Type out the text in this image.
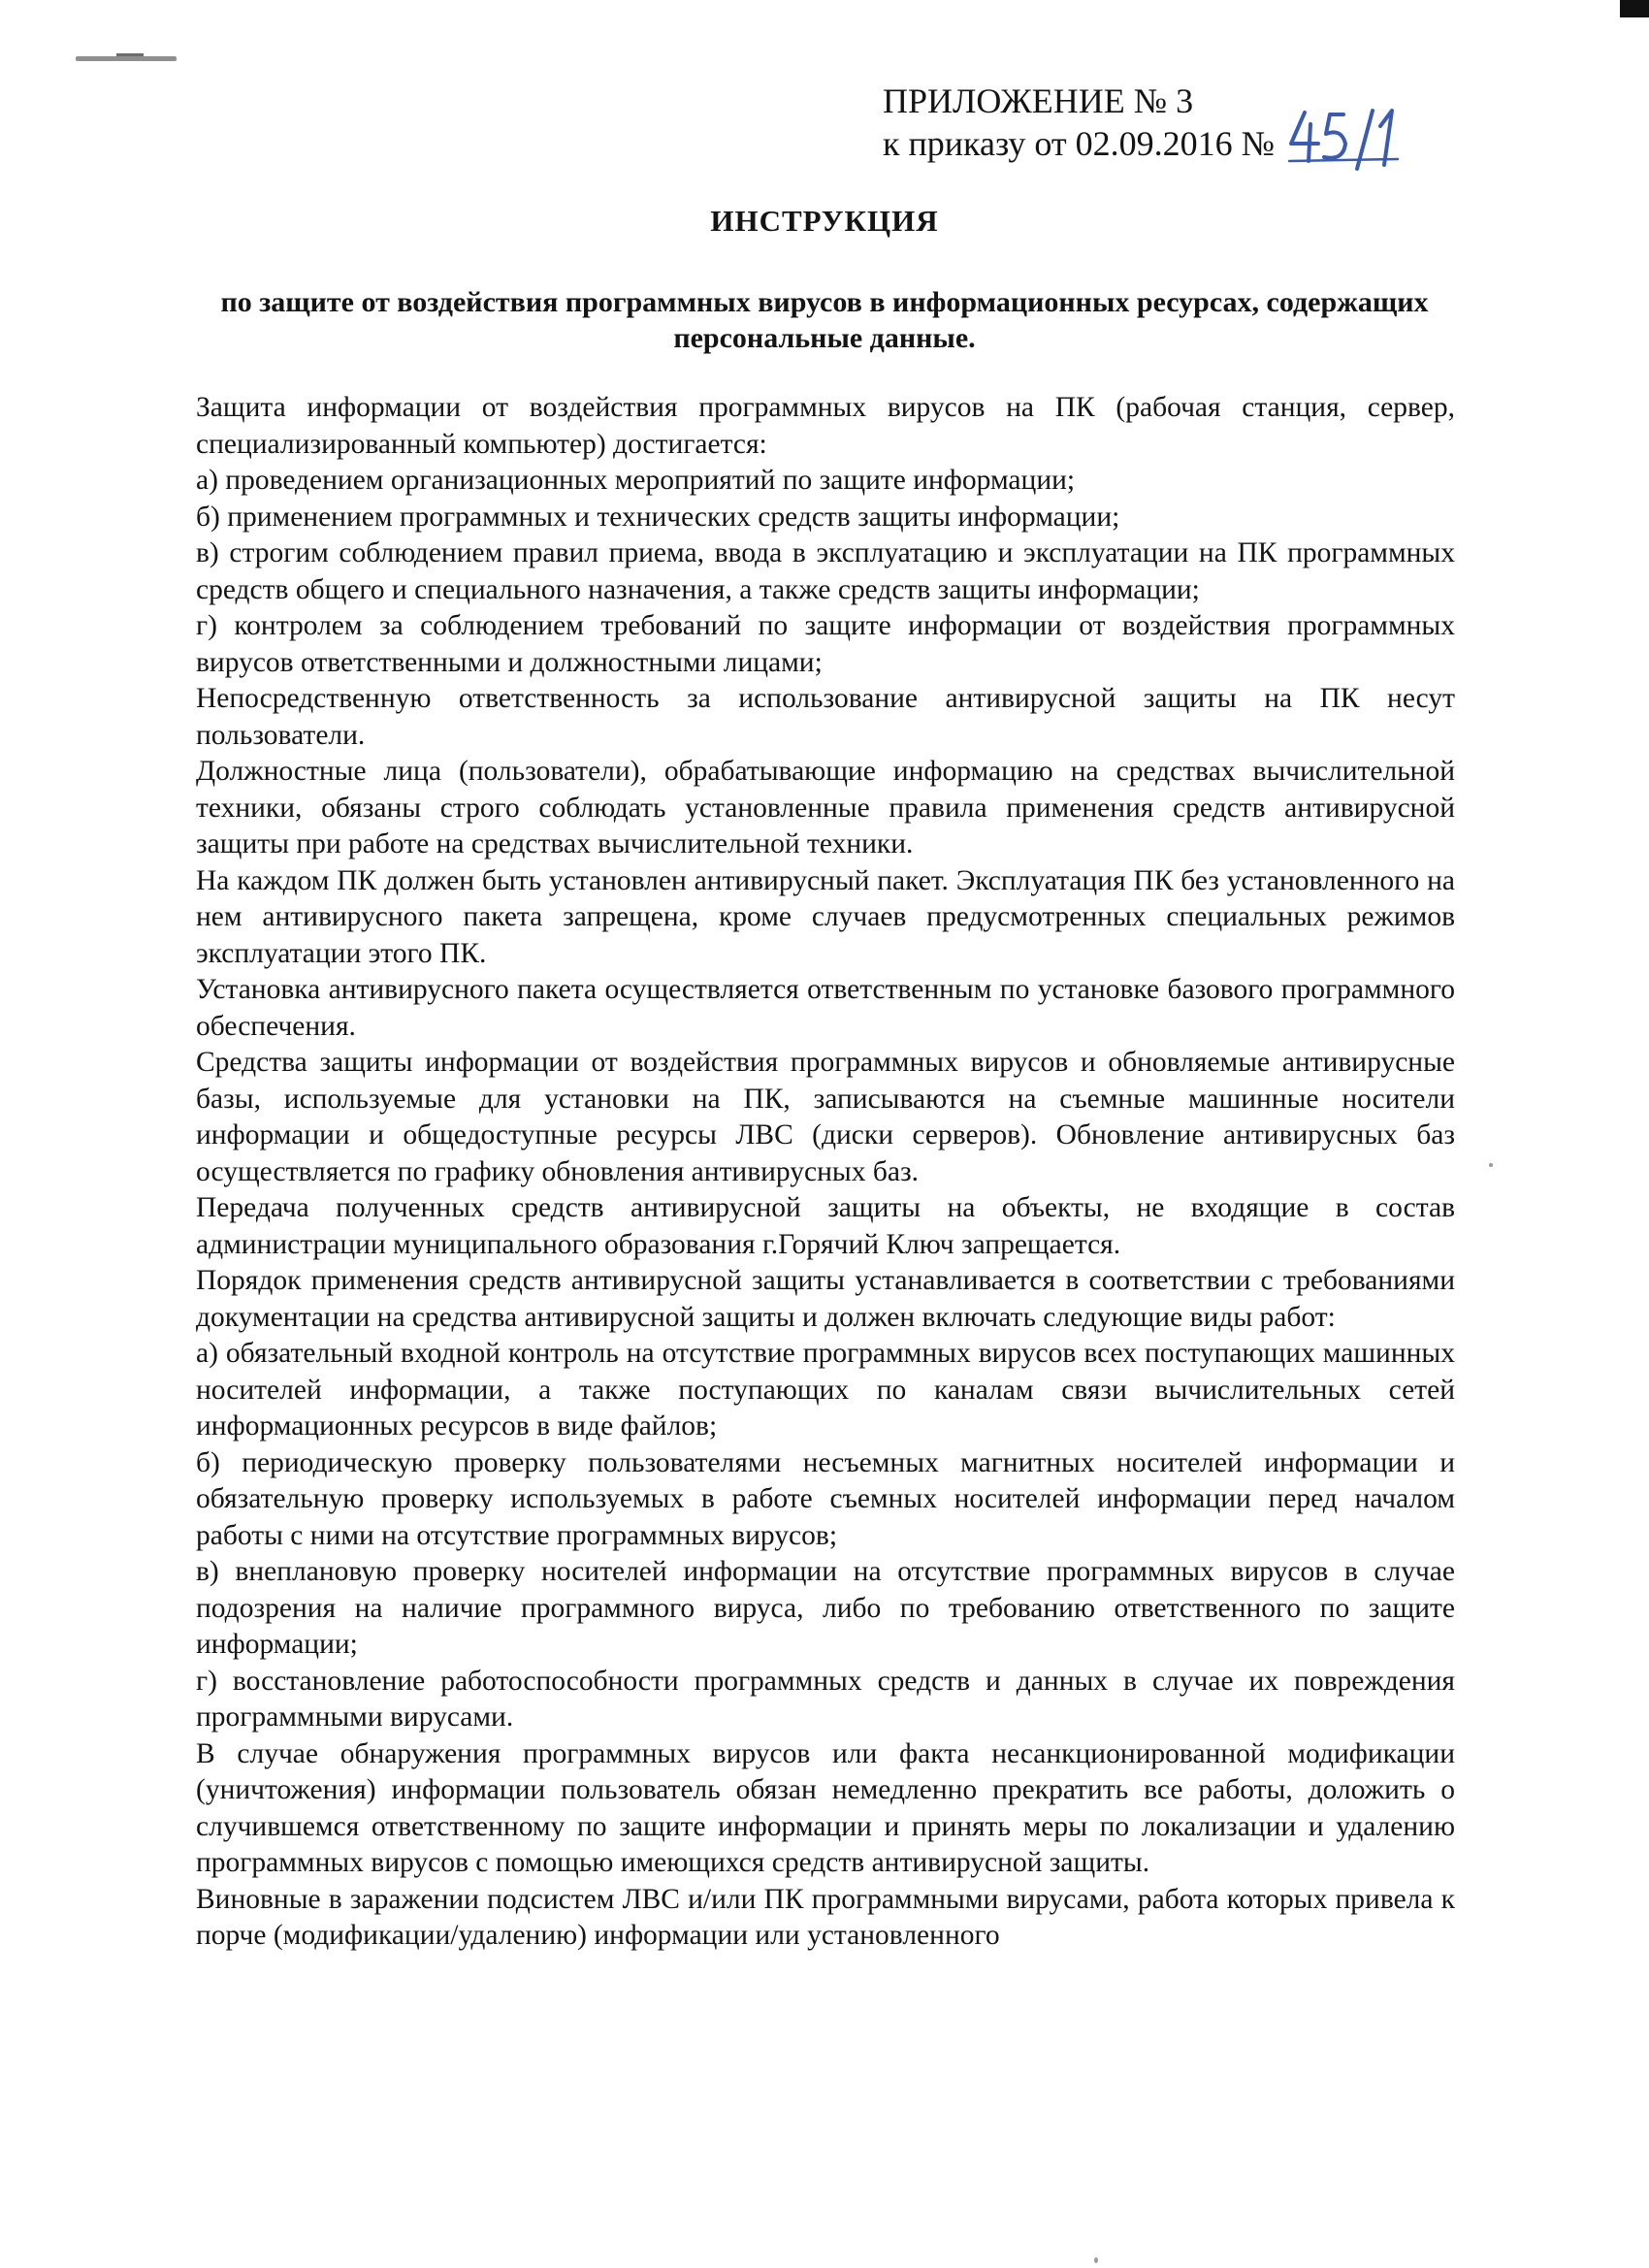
ПРИЛОЖЕНИЕ № 3

к приказу от 02.09.2016 №

ИНСТРУКЦИЯ
по защите от воздействия программных вирусов в информационных ресурсах, содержащих персональные данные.

Защита информации от воздействия программных вирусов на ПК (рабочая станция, сервер, специализированный компьютер) достигается:

а) проведением организационных мероприятий по защите информации;

б) применением программных и технических средств защиты информации;

в) строгим соблюдением правил приема, ввода в эксплуатацию и эксплуатации на ПК программных средств общего и специального назначения, а также средств защиты информации;

г) контролем за соблюдением требований по защите информации от воздействия программных вирусов ответственными и должностными лицами;

Непосредственную ответственность за использование антивирусной защиты на ПК несут пользователи.

Должностные лица (пользователи), обрабатывающие информацию на средствах вычислительной техники, обязаны строго соблюдать установленные правила применения средств антивирусной защиты при работе на средствах вычислительной техники.

На каждом ПК должен быть установлен антивирусный пакет. Эксплуатация ПК без установленного на нем антивирусного пакета запрещена, кроме случаев предусмотренных специальных режимов эксплуатации этого ПК.

Установка антивирусного пакета осуществляется ответственным по установке базового программного обеспечения.

Средства защиты информации от воздействия программных вирусов и обновляемые антивирусные базы, используемые для установки на ПК, записываются на съемные машинные носители информации и общедоступные ресурсы ЛВС (диски серверов). Обновление антивирусных баз осуществляется по графику обновления антивирусных баз.

Передача полученных средств антивирусной защиты на объекты, не входящие в состав администрации муниципального образования г.Горячий Ключ запрещается.

Порядок применения средств антивирусной защиты устанавливается в соответствии с требованиями документации на средства антивирусной защиты и должен включать следующие виды работ:

а) обязательный входной контроль на отсутствие программных вирусов всех поступающих машинных носителей информации, а также поступающих по каналам связи вычислительных сетей информационных ресурсов в виде файлов;

б) периодическую проверку пользователями несъемных магнитных носителей информации и обязательную проверку используемых в работе съемных носителей информации перед началом работы с ними на отсутствие программных вирусов;

в) внеплановую проверку носителей информации на отсутствие программных вирусов в случае подозрения на наличие программного вируса, либо по требованию ответственного по защите информации;

г) восстановление работоспособности программных средств и данных в случае их повреждения программными вирусами.

В случае обнаружения программных вирусов или факта несанкционированной модификации (уничтожения) информации пользователь обязан немедленно прекратить все работы, доложить о случившемся ответственному по защите информации и принять меры по локализации и удалению программных вирусов с помощью имеющихся средств антивирусной защиты.

Виновные в заражении подсистем ЛВС и/или ПК программными вирусами, работа которых привела к порче (модификации/удалению) информации или установленного
